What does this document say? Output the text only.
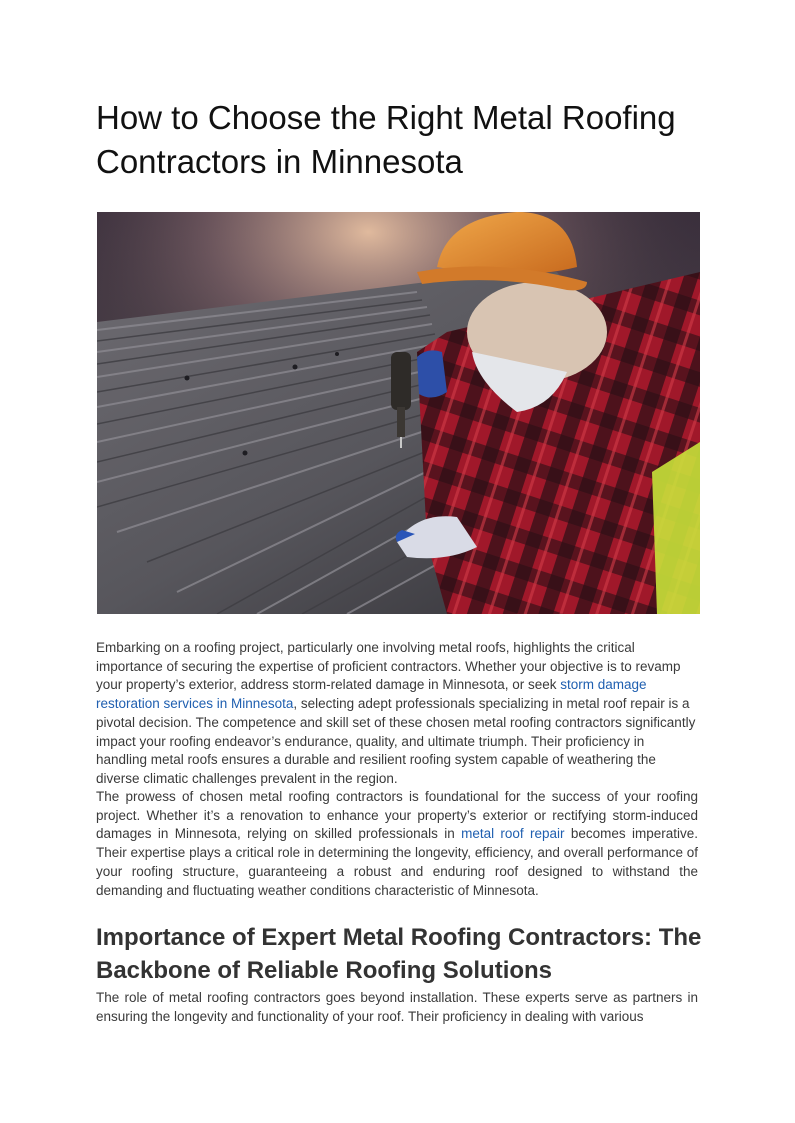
How to Choose the Right Metal Roofing Contractors in Minnesota

Embarking on a roofing project, particularly one involving metal roofs, highlights the critical importance of securing the expertise of proficient contractors. Whether your objective is to revamp your property’s exterior, address storm-related damage in Minnesota, or seek storm damage restoration services in Minnesota, selecting adept professionals specializing in metal roof repair is a pivotal decision. The competence and skill set of these chosen metal roofing contractors significantly impact your roofing endeavor’s endurance, quality, and ultimate triumph. Their proficiency in handling metal roofs ensures a durable and resilient roofing system capable of weathering the diverse climatic challenges prevalent in the region.

The prowess of chosen metal roofing contractors is foundational for the success of your roofing project. Whether it’s a renovation to enhance your property’s exterior or rectifying storm-induced damages in Minnesota, relying on skilled professionals in metal roof repair becomes imperative. Their expertise plays a critical role in determining the longevity, efficiency, and overall performance of your roofing structure, guaranteeing a robust and enduring roof designed to withstand the demanding and fluctuating weather conditions characteristic of Minnesota.

Importance of Expert Metal Roofing Contractors: The Backbone of Reliable Roofing Solutions

The role of metal roofing contractors goes beyond installation. These experts serve as partners in ensuring the longevity and functionality of your roof. Their proficiency in dealing with various
